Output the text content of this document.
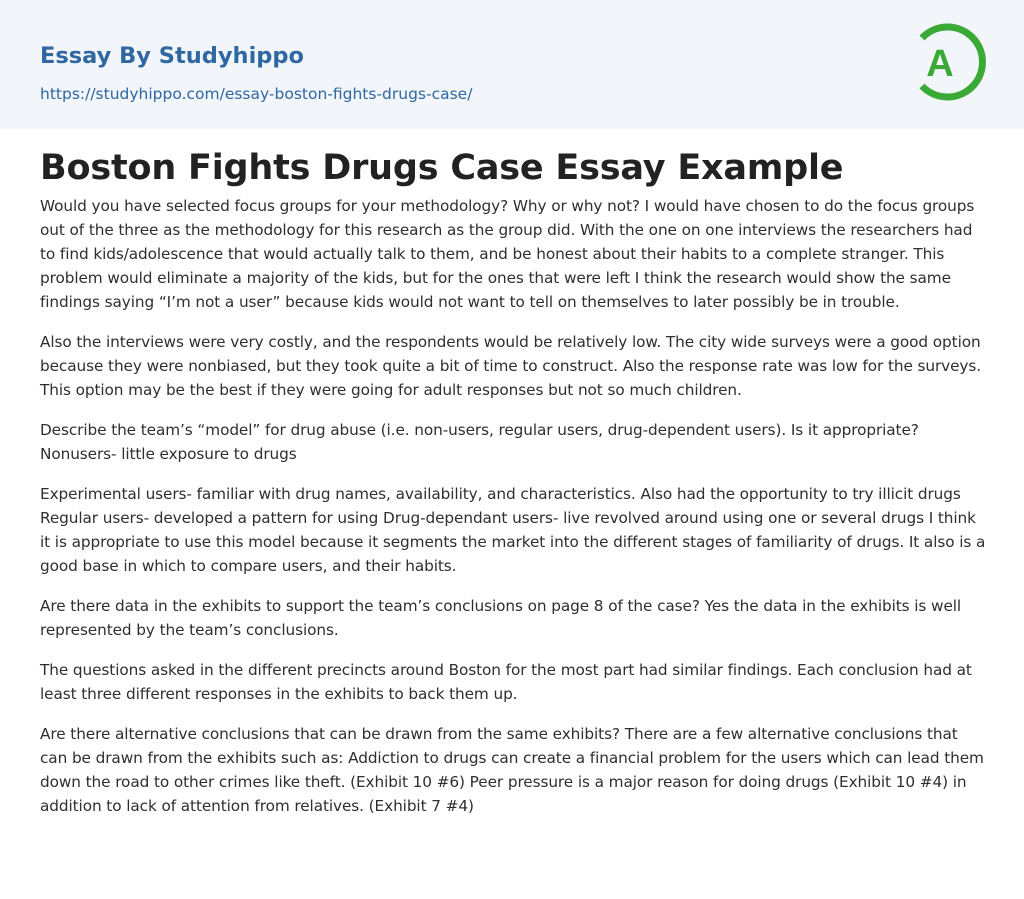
Essay By Studyhippo
https://studyhippo.com/essay-boston-fights-drugs-case/
A
Boston Fights Drugs Case Essay Example

Would you have selected focus groups for your methodology? Why or why not? I would have chosen to do the focus groups out of the three as the methodology for this research as the group did. With the one on one interviews the researchers had to find kids/adolescence that would actually talk to them, and be honest about their habits to a complete stranger. This problem would eliminate a majority of the kids, but for the ones that were left I think the research would show the same findings saying “I’m not a user” because kids would not want to tell on themselves to later possibly be in trouble.

Also the interviews were very costly, and the respondents would be relatively low. The city wide surveys were a good option because they were nonbiased, but they took quite a bit of time to construct. Also the response rate was low for the surveys. This option may be the best if they were going for adult responses but not so much children.

Describe the team’s “model” for drug abuse (i.e. non-users, regular users, drug-dependent users). Is it appropriate? Nonusers- little exposure to drugs

Experimental users- familiar with drug names, availability, and characteristics. Also had the opportunity to try illicit drugs Regular users- developed a pattern for using Drug-dependant users- live revolved around using one or several drugs I think it is appropriate to use this model because it segments the market into the different stages of familiarity of drugs. It also is a good base in which to compare users, and their habits.

Are there data in the exhibits to support the team’s conclusions on page 8 of the case? Yes the data in the exhibits is well represented by the team’s conclusions.

The questions asked in the different precincts around Boston for the most part had similar findings. Each conclusion had at least three different responses in the exhibits to back them up.

Are there alternative conclusions that can be drawn from the same exhibits? There are a few alternative conclusions that can be drawn from the exhibits such as: Addiction to drugs can create a financial problem for the users which can lead them down the road to other crimes like theft. (Exhibit 10 #6) Peer pressure is a major reason for doing drugs (Exhibit 10 #4) in addition to lack of attention from relatives. (Exhibit 7 #4)
